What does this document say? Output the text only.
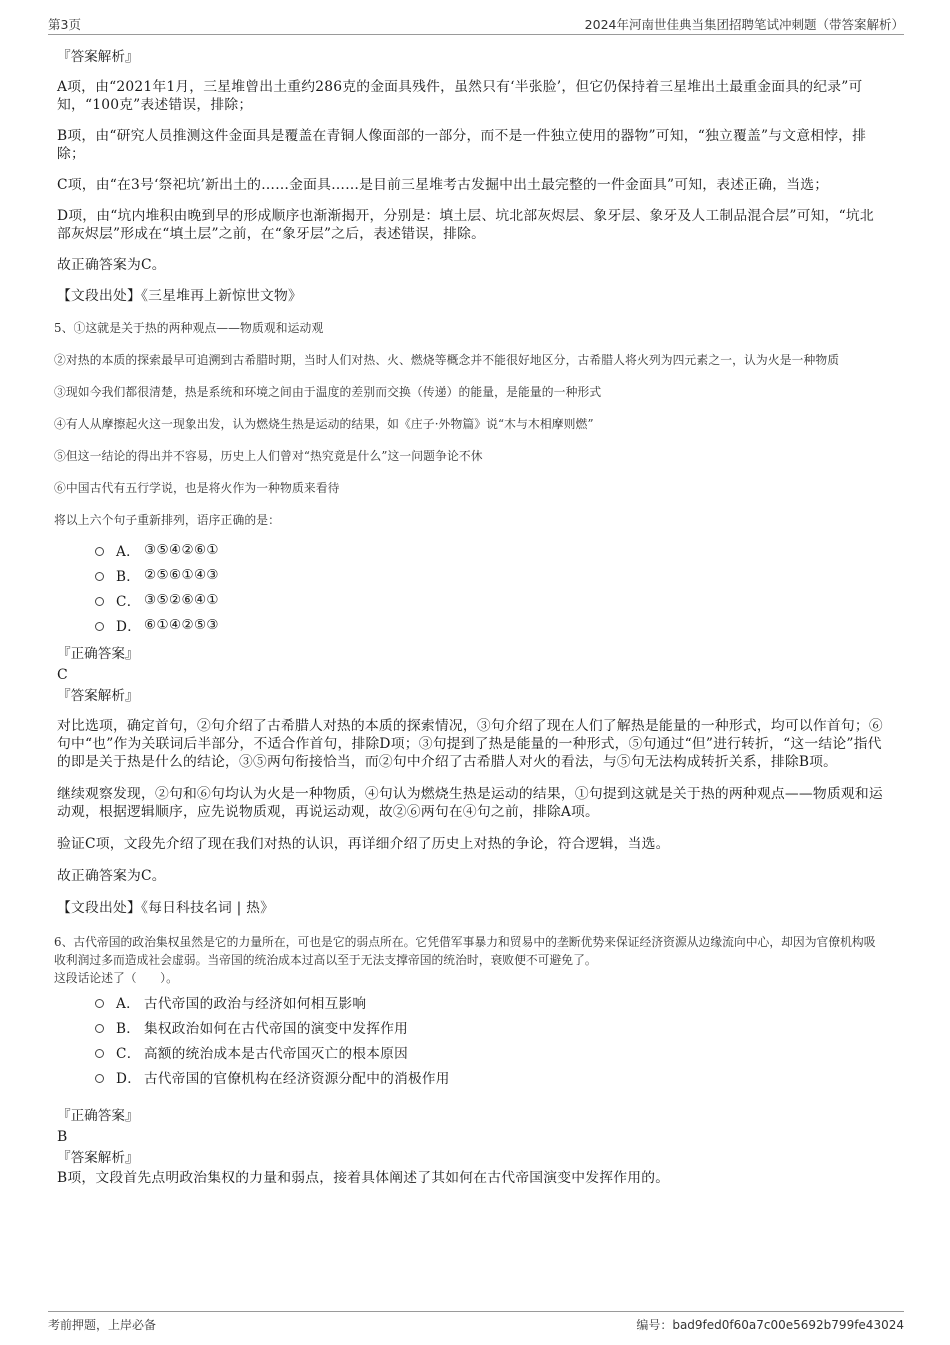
第3页	2024年河南世佳典当集团招聘笔试冲刺题（带答案解析）

『答案解析』

A项，由“2021年1月，三星堆曾出土重约286克的金面具残件，虽然只有‘半张脸’，但它仍保持着三星堆出土最重金面具的纪录”可知，“100克”表述错误，排除；

B项，由“研究人员推测这件金面具是覆盖在青铜人像面部的一部分，而不是一件独立使用的器物”可知，“独立覆盖”与文意相悖，排除；

C项，由“在3号‘祭祀坑’新出土的……金面具……是目前三星堆考古发掘中出土最完整的一件金面具”可知，表述正确，当选；

D项，由“坑内堆积由晚到早的形成顺序也渐渐揭开，分别是：填土层、坑北部灰烬层、象牙层、象牙及人工制品混合层”可知，“坑北部灰烬层”形成在“填土层”之前，在“象牙层”之后，表述错误，排除。

故正确答案为C。

【文段出处】《三星堆再上新惊世文物》

5、①这就是关于热的两种观点——物质观和运动观

②对热的本质的探索最早可追溯到古希腊时期，当时人们对热、火、燃烧等概念并不能很好地区分，古希腊人将火列为四元素之一，认为火是一种物质

③现如今我们都很清楚，热是系统和环境之间由于温度的差别而交换（传递）的能量，是能量的一种形式

④有人从摩擦起火这一现象出发，认为燃烧生热是运动的结果，如《庄子·外物篇》说“木与木相摩则燃”

⑤但这一结论的得出并不容易，历史上人们曾对“热究竟是什么”这一问题争论不休

⑥中国古代有五行学说，也是将火作为一种物质来看待

将以上六个句子重新排列，语序正确的是：

A． ③⑤④②⑥①
B． ②⑤⑥①④③
C． ③⑤②⑥④①
D． ⑥①④②⑤③

『正确答案』

C

『答案解析』

对比选项，确定首句，②句介绍了古希腊人对热的本质的探索情况，③句介绍了现在人们了解热是能量的一种形式，均可以作首句；⑥句中“也”作为关联词后半部分，不适合作首句，排除D项；③句提到了热是能量的一种形式，⑤句通过“但”进行转折，“这一结论”指代的即是关于热是什么的结论，③⑤两句衔接恰当，而②句中介绍了古希腊人对火的看法，与⑤句无法构成转折关系，排除B项。

继续观察发现，②句和⑥句均认为火是一种物质，④句认为燃烧生热是运动的结果，①句提到这就是关于热的两种观点——物质观和运动观，根据逻辑顺序，应先说物质观，再说运动观，故②⑥两句在④句之前，排除A项。

验证C项，文段先介绍了现在我们对热的认识，再详细介绍了历史上对热的争论，符合逻辑，当选。

故正确答案为C。

【文段出处】《每日科技名词 | 热》

6、古代帝国的政治集权虽然是它的力量所在，可也是它的弱点所在。它凭借军事暴力和贸易中的垄断优势来保证经济资源从边缘流向中心，却因为官僚机构吸收利润过多而造成社会虚弱。当帝国的统治成本过高以至于无法支撑帝国的统治时，衰败便不可避免了。

这段话论述了（　　）。

A． 古代帝国的政治与经济如何相互影响
B． 集权政治如何在古代帝国的演变中发挥作用
C． 高额的统治成本是古代帝国灭亡的根本原因
D． 古代帝国的官僚机构在经济资源分配中的消极作用

『正确答案』

B

『答案解析』

B项，文段首先点明政治集权的力量和弱点，接着具体阐述了其如何在古代帝国演变中发挥作用的。

考前押题，上岸必备	编号：bad9fed0f60a7c00e5692b799fe43024
